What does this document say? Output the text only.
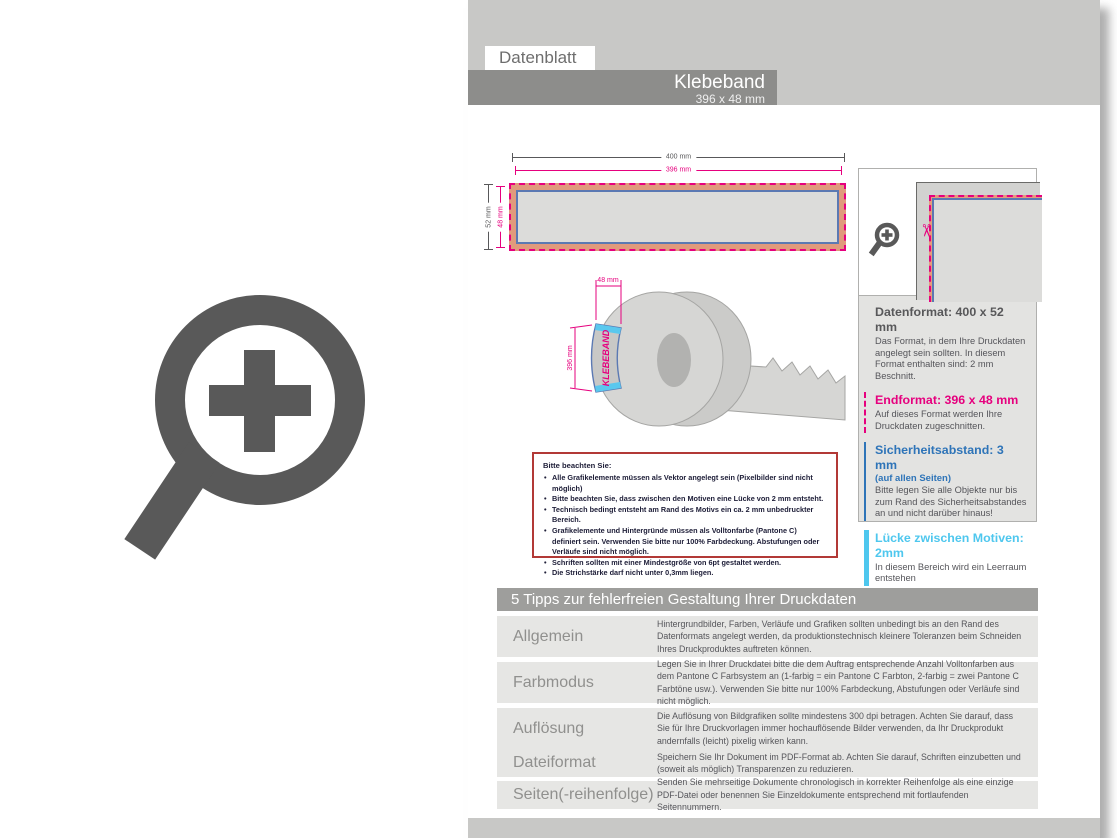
Datenblatt
Klebeband
396 x 48 mm
400 mm
396 mm
52 mm 48 mm
KLEBEBAND
48 mm
396 mm
Bitte beachten Sie:
• Alle Grafikelemente müssen als Vektor angelegt sein (Pixelbilder sind nicht möglich)
• Bitte beachten Sie, dass zwischen den Motiven eine Lücke von 2 mm entsteht.
• Technisch bedingt entsteht am Rand des Motivs ein ca. 2 mm unbedruckter Bereich.
• Grafikelemente und Hintergründe müssen als Volltonfarbe (Pantone C) definiert sein. Verwenden Sie bitte nur 100% Farbdeckung. Abstufungen oder Verläufe sind nicht möglich.
• Schriften sollten mit einer Mindestgröße von 6pt gestaltet werden.
• Die Strichstärke darf nicht unter 0,3mm liegen.
✂
Datenformat: 400 x 52 mm

Das Format, in dem Ihre Druckdaten angelegt sein sollten. In diesem Format enthalten sind: 2 mm Beschnitt.

Endformat: 396 x 48 mm

Auf dieses Format werden Ihre Druckdaten zugeschnitten.

Sicherheitsabstand: 3 mm
(auf allen Seiten)

Bitte legen Sie alle Objekte nur bis zum Rand des Sicherheitsabstandes an und nicht darüber hinaus!

Lücke zwischen Motiven: 2mm

In diesem Bereich wird ein Leerraum entstehen

5 Tipps zur fehlerfreien Gestaltung Ihrer Druckdaten
Allgemein
Hintergrundbilder, Farben, Verläufe und Grafiken sollten unbedingt bis an den Rand des Datenformats angelegt werden, da produktionstechnisch kleinere Toleranzen beim Schneiden Ihres Druckproduktes auftreten können.
Farbmodus
Legen Sie in Ihrer Druckdatei bitte die dem Auftrag entsprechende Anzahl Volltonfarben aus dem Pantone C Farbsystem an (1-farbig = ein Pantone C Farbton, 2-farbig = zwei Pantone C Farbtöne usw.). Verwenden Sie bitte nur 100% Farbdeckung, Abstufungen oder Verläufe sind nicht möglich.
Auflösung
Die Auflösung von Bildgrafiken sollte mindestens 300 dpi betragen. Achten Sie darauf, dass Sie für Ihre Druckvorlagen immer hochauflösende Bilder verwenden, da Ihr Druckprodukt andernfalls (leicht) pixelig wirken kann.
Dateiformat	Speichern Sie Ihr Dokument im PDF-Format ab. Achten Sie darauf, Schriften einzubetten und (soweit als möglich) Transparenzen zu reduzieren.
Seiten(-reihenfolge)
Senden Sie mehrseitige Dokumente chronologisch in korrekter Reihenfolge als eine einzige PDF-Datei oder benennen Sie Einzeldokumente entsprechend mit fortlaufenden Seitennummern.
